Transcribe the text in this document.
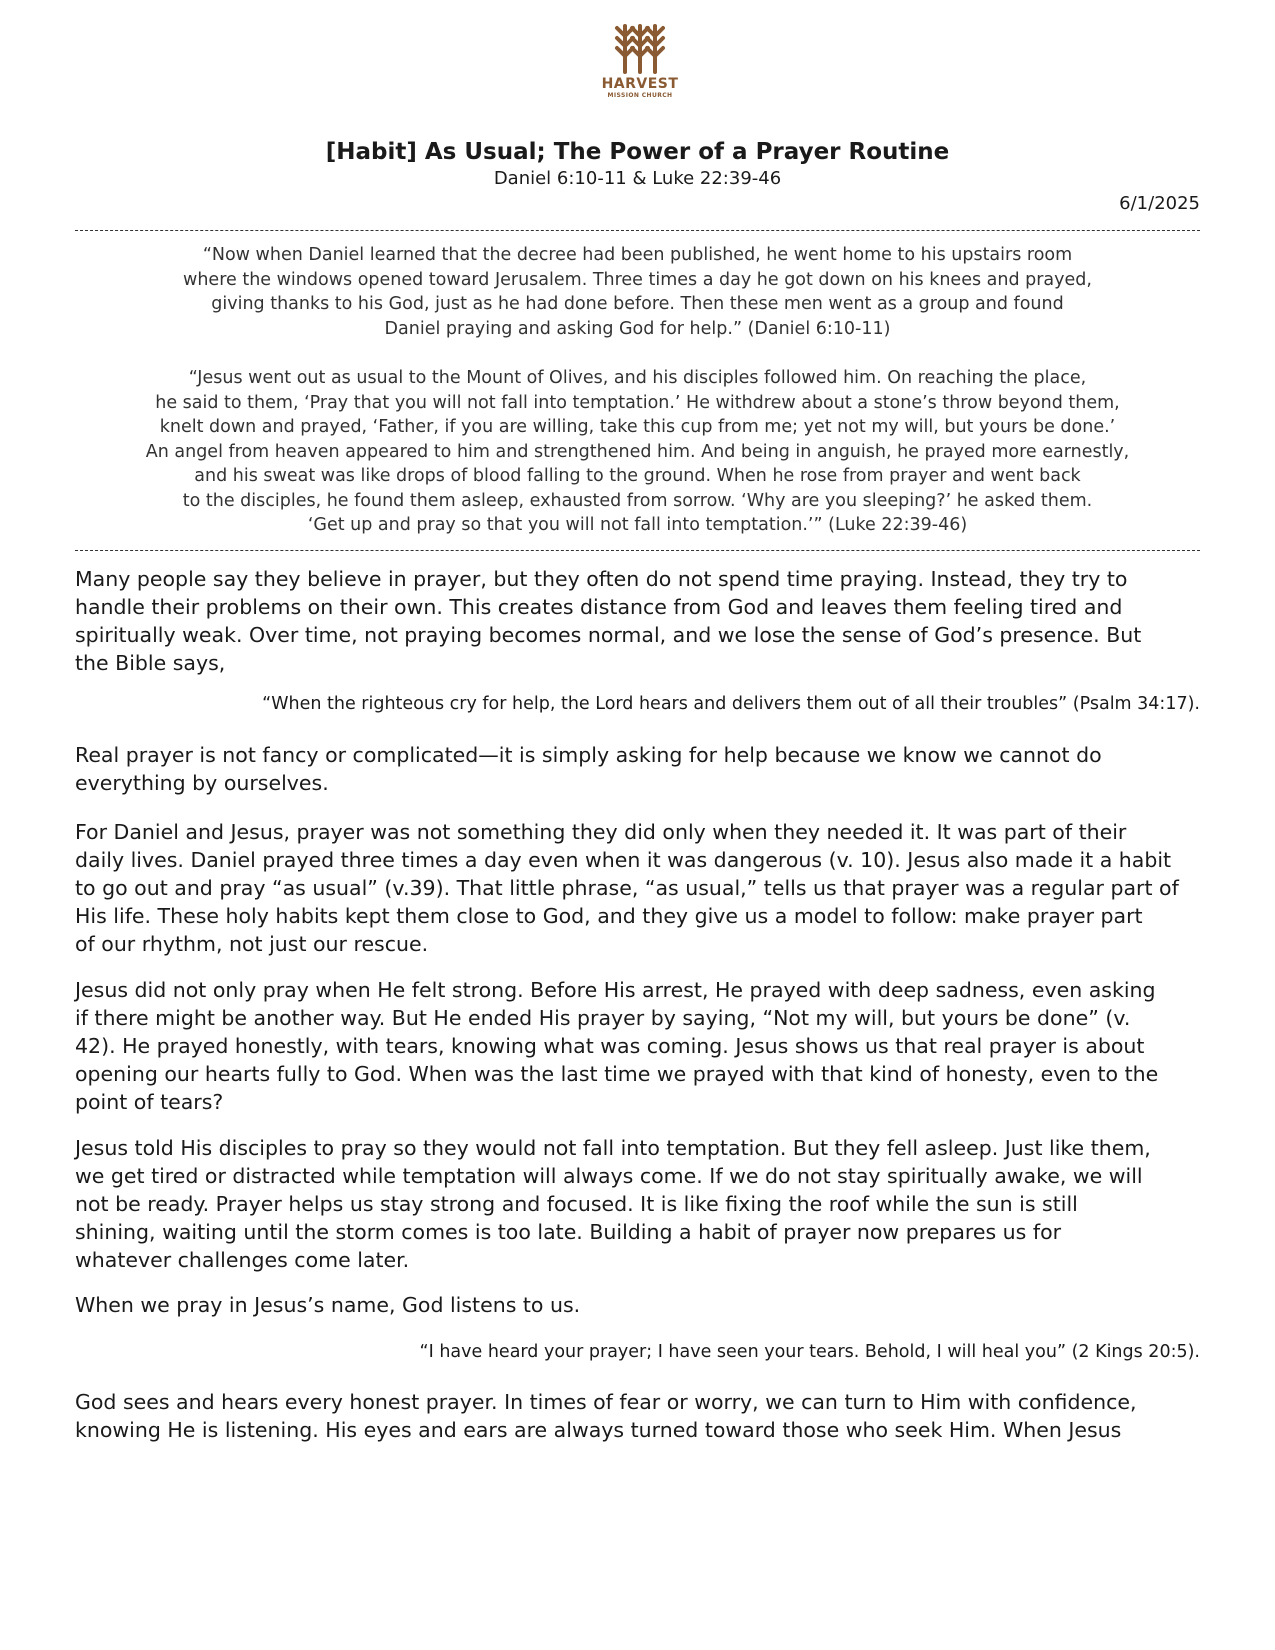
HARVEST
MISSION CHURCH
[Habit] As Usual; The Power of a Prayer Routine
Daniel 6:10-11 & Luke 22:39-46
6/1/2025
“Now when Daniel learned that the decree had been published, he went home to his upstairs room
where the windows opened toward Jerusalem. Three times a day he got down on his knees and prayed,
giving thanks to his God, just as he had done before. Then these men went as a group and found
Daniel praying and asking God for help.” (Daniel 6:10-11)
“Jesus went out as usual to the Mount of Olives, and his disciples followed him. On reaching the place,
he said to them, ‘Pray that you will not fall into temptation.’ He withdrew about a stone’s throw beyond them,
knelt down and prayed, ‘Father, if you are willing, take this cup from me; yet not my will, but yours be done.’
An angel from heaven appeared to him and strengthened him. And being in anguish, he prayed more earnestly,
and his sweat was like drops of blood falling to the ground. When he rose from prayer and went back
to the disciples, he found them asleep, exhausted from sorrow. ‘Why are you sleeping?’ he asked them.
‘Get up and pray so that you will not fall into temptation.’” (Luke 22:39-46)
Many people say they believe in prayer, but they often do not spend time praying. Instead, they try to
handle their problems on their own. This creates distance from God and leaves them feeling tired and
spiritually weak. Over time, not praying becomes normal, and we lose the sense of God’s presence. But
the Bible says,
“When the righteous cry for help, the Lord hears and delivers them out of all their troubles” (Psalm 34:17).
Real prayer is not fancy or complicated—it is simply asking for help because we know we cannot do
everything by ourselves.
For Daniel and Jesus, prayer was not something they did only when they needed it. It was part of their
daily lives. Daniel prayed three times a day even when it was dangerous (v. 10). Jesus also made it a habit
to go out and pray “as usual” (v.39). That little phrase, “as usual,” tells us that prayer was a regular part of
His life. These holy habits kept them close to God, and they give us a model to follow: make prayer part
of our rhythm, not just our rescue.
Jesus did not only pray when He felt strong. Before His arrest, He prayed with deep sadness, even asking
if there might be another way. But He ended His prayer by saying, “Not my will, but yours be done” (v.
42). He prayed honestly, with tears, knowing what was coming. Jesus shows us that real prayer is about
opening our hearts fully to God. When was the last time we prayed with that kind of honesty, even to the
point of tears?
Jesus told His disciples to pray so they would not fall into temptation. But they fell asleep. Just like them,
we get tired or distracted while temptation will always come. If we do not stay spiritually awake, we will
not be ready. Prayer helps us stay strong and focused. It is like fixing the roof while the sun is still
shining, waiting until the storm comes is too late. Building a habit of prayer now prepares us for
whatever challenges come later.
When we pray in Jesus’s name, God listens to us.
“I have heard your prayer; I have seen your tears. Behold, I will heal you” (2 Kings 20:5).
God sees and hears every honest prayer. In times of fear or worry, we can turn to Him with confidence,
knowing He is listening. His eyes and ears are always turned toward those who seek Him. When Jesus
